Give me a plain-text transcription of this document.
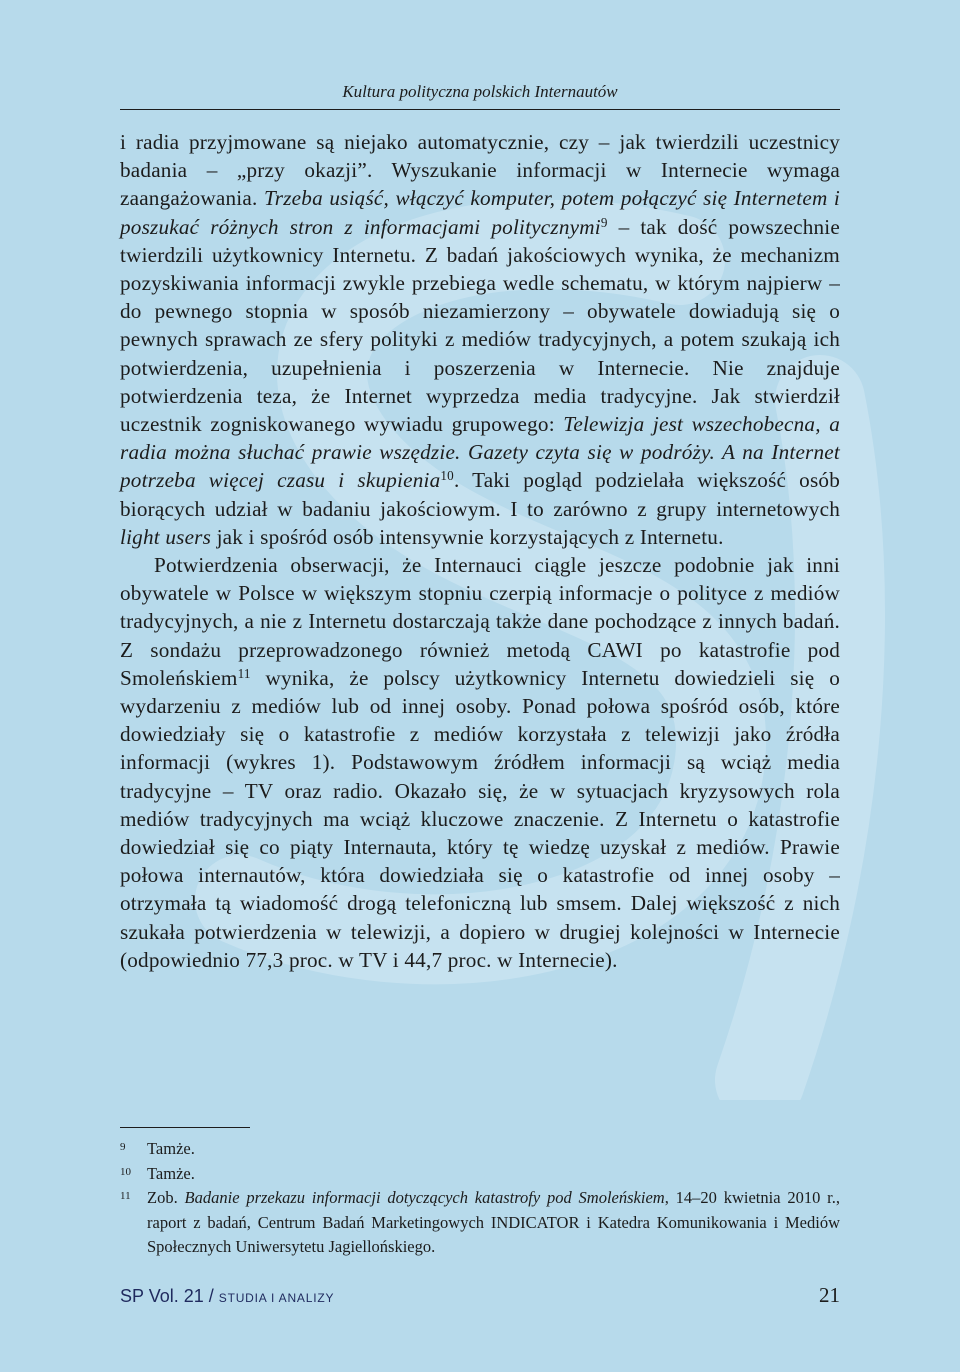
Kultura polityczna polskich Internautów

i radia przyjmowane są niejako automatycznie, czy – jak twierdzili uczestnicy badania – „przy okazji”. Wyszukanie informacji w Internecie wymaga zaangażowania. Trzeba usiąść, włączyć komputer, potem połączyć się Internetem i poszukać różnych stron z informacjami politycznymi$^9$ – tak dość powszechnie twierdzili użytkownicy Internetu. Z badań jakościowych wynika, że mechanizm pozyskiwania informacji zwykle przebiega wedle schematu, w którym najpierw – do pewnego stopnia w sposób niezamierzony – obywatele dowiadują się o pewnych sprawach ze sfery polityki z mediów tradycyjnych, a potem szukają ich potwierdzenia, uzupełnienia i poszerzenia w Internecie. Nie znajduje potwierdzenia teza, że Internet wyprzedza media tradycyjne. Jak stwierdził uczestnik zogniskowanego wywiadu grupowego: Telewizja jest wszechobecna, a radia można słuchać prawie wszędzie. Gazety czyta się w podróży. A na Internet potrzeba więcej czasu i skupienia$^{10}$. Taki pogląd podzielała większość osób biorących udział w badaniu jakościowym. I to zarówno z grupy internetowych light users jak i spośród osób intensywnie korzystających z Internetu.

Potwierdzenia obserwacji, że Internauci ciągle jeszcze podobnie jak inni obywatele w Polsce w większym stopniu czerpią informacje o polityce z mediów tradycyjnych, a nie z Internetu dostarczają także dane pochodzące z innych badań. Z sondażu przeprowadzonego również metodą CAWI po katastrofie pod Smoleńskiem$^{11}$ wynika, że polscy użytkownicy Internetu dowiedzieli się o wydarzeniu z mediów lub od innej osoby. Ponad połowa spośród osób, które dowiedziały się o katastrofie z mediów korzystała z telewizji jako źródła informacji (wykres 1). Podstawowym źródłem informacji są wciąż media tradycyjne – TV oraz radio. Okazało się, że w sytuacjach kryzysowych rola mediów tradycyjnych ma wciąż kluczowe znaczenie. Z Internetu o katastrofie dowiedział się co piąty Internauta, który tę wiedzę uzyskał z mediów. Prawie połowa internautów, która dowiedziała się o katastrofie od innej osoby – otrzymała tą wiadomość drogą telefoniczną lub smsem. Dalej większość z nich szukała potwierdzenia w telewizji, a dopiero w drugiej kolejności w Internecie (odpowiednio 77,3 proc. w TV i 44,7 proc. w Internecie).

9 Tamże.
10 Tamże.
11 Zob. Badanie przekazu informacji dotyczących katastrofy pod Smoleńskiem, 14–20 kwietnia 2010 r., raport z badań, Centrum Badań Marketingowych INDICATOR i Katedra Komunikowania i Mediów Społecznych Uniwersytetu Jagiellońskiego.
SP Vol. 21 / STUDIA I ANALIZY	21
